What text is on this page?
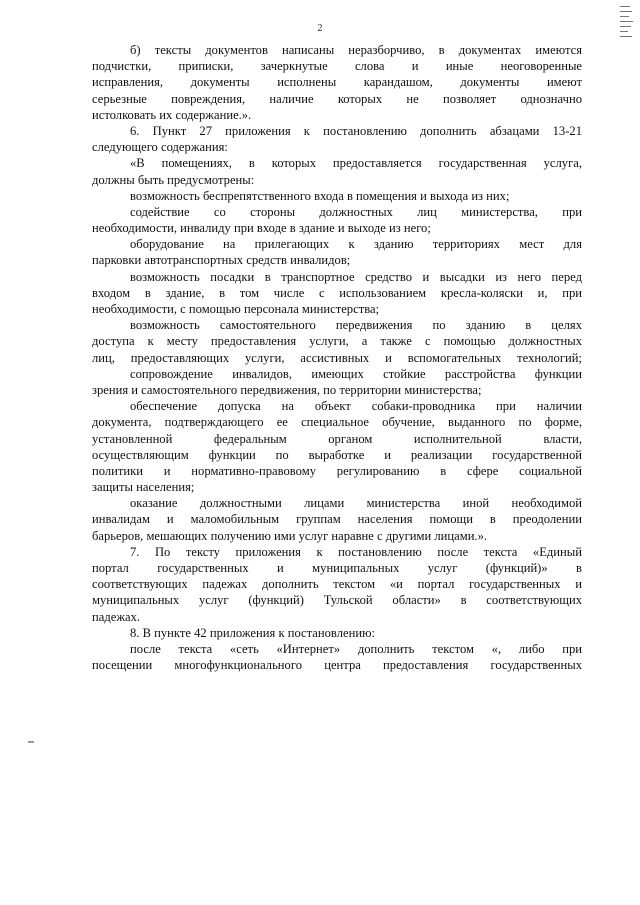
2
б) тексты документов написаны неразборчиво, в документах имеются
подчистки, приписки, зачеркнутые слова и иные неоговоренные
исправления, документы исполнены карандашом, документы имеют
серьезные повреждения, наличие которых не позволяет однозначно
истолковать их содержание.».
6. Пункт 27 приложения к постановлению дополнить абзацами 13-21
следующего содержания:
«В помещениях, в которых предоставляется государственная услуга,
должны быть предусмотрены:
возможность беспрепятственного входа в помещения и выхода из них;
содействие со стороны должностных лиц министерства, при
необходимости, инвалиду при входе в здание и выходе из него;
оборудование на прилегающих к зданию территориях мест для
парковки автотранспортных средств инвалидов;
возможность посадки в транспортное средство и высадки из него перед
входом в здание, в том числе с использованием кресла-коляски и, при
необходимости, с помощью персонала министерства;
возможность самостоятельного передвижения по зданию в целях
доступа к месту предоставления услуги, а также с помощью должностных
лиц, предоставляющих услуги, ассистивных и вспомогательных технологий;
сопровождение инвалидов, имеющих стойкие расстройства функции
зрения и самостоятельного передвижения, по территории министерства;
обеспечение допуска на объект собаки-проводника при наличии
документа, подтверждающего ее специальное обучение, выданного по форме,
установленной федеральным органом исполнительной власти,
осуществляющим функции по выработке и реализации государственной
политики и нормативно-правовому регулированию в сфере социальной
защиты населения;
оказание должностными лицами министерства иной необходимой
инвалидам и маломобильным группам населения помощи в преодолении
барьеров, мешающих получению ими услуг наравне с другими лицами.».
7. По тексту приложения к постановлению после текста «Единый
портал государственных и муниципальных услуг (функций)» в
соответствующих падежах дополнить текстом «и портал государственных и
муниципальных услуг (функций) Тульской области» в соответствующих
падежах.
8. В пункте 42 приложения к постановлению:
после текста «сеть «Интернет» дополнить текстом «, либо при
посещении многофункционального центра предоставления государственных
